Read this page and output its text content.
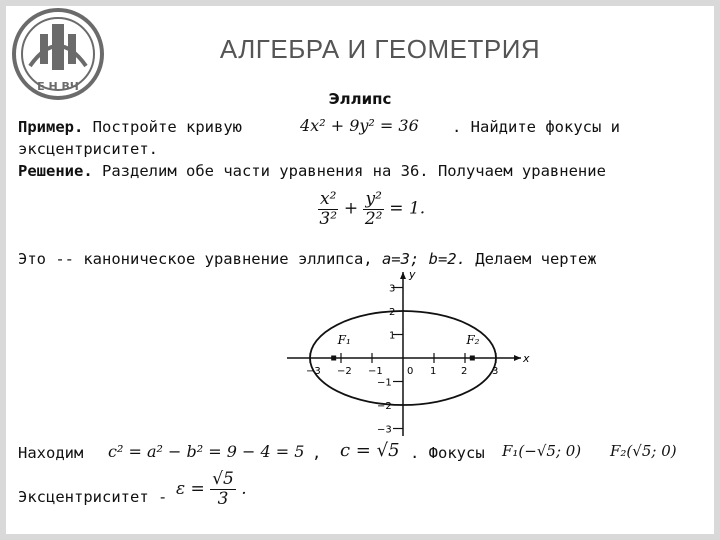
Е Н ВЧ
АЛГЕБРА И ГЕОМЕТРИЯ
Эллипс
Пример. Постройте кривую	4x² + 9y² = 36 . Найдите фокусы и
эксцентриситет.
Решение. Разделим обе части уравнения на 36. Получаем уравнение
$\frac{\text{x²}}{\text{3²}} + \frac{\text{y²}}{\text{2²}} = 1$.
Это -- каноническое уравнение эллипса, a=3; b=2. Делаем чертеж
x
y
−3 −2 −1 0 1 2 3
3
2
1
−1
−2
−3
F₁	F₂
Находим c² = a² − b² = 9 − 4 = 5 , c = √5 . Фокусы F₁(−√5; 0) F₂(√5; 0)
Эксцентриситет - $\varepsilon = \frac{√5}{3}$ .
